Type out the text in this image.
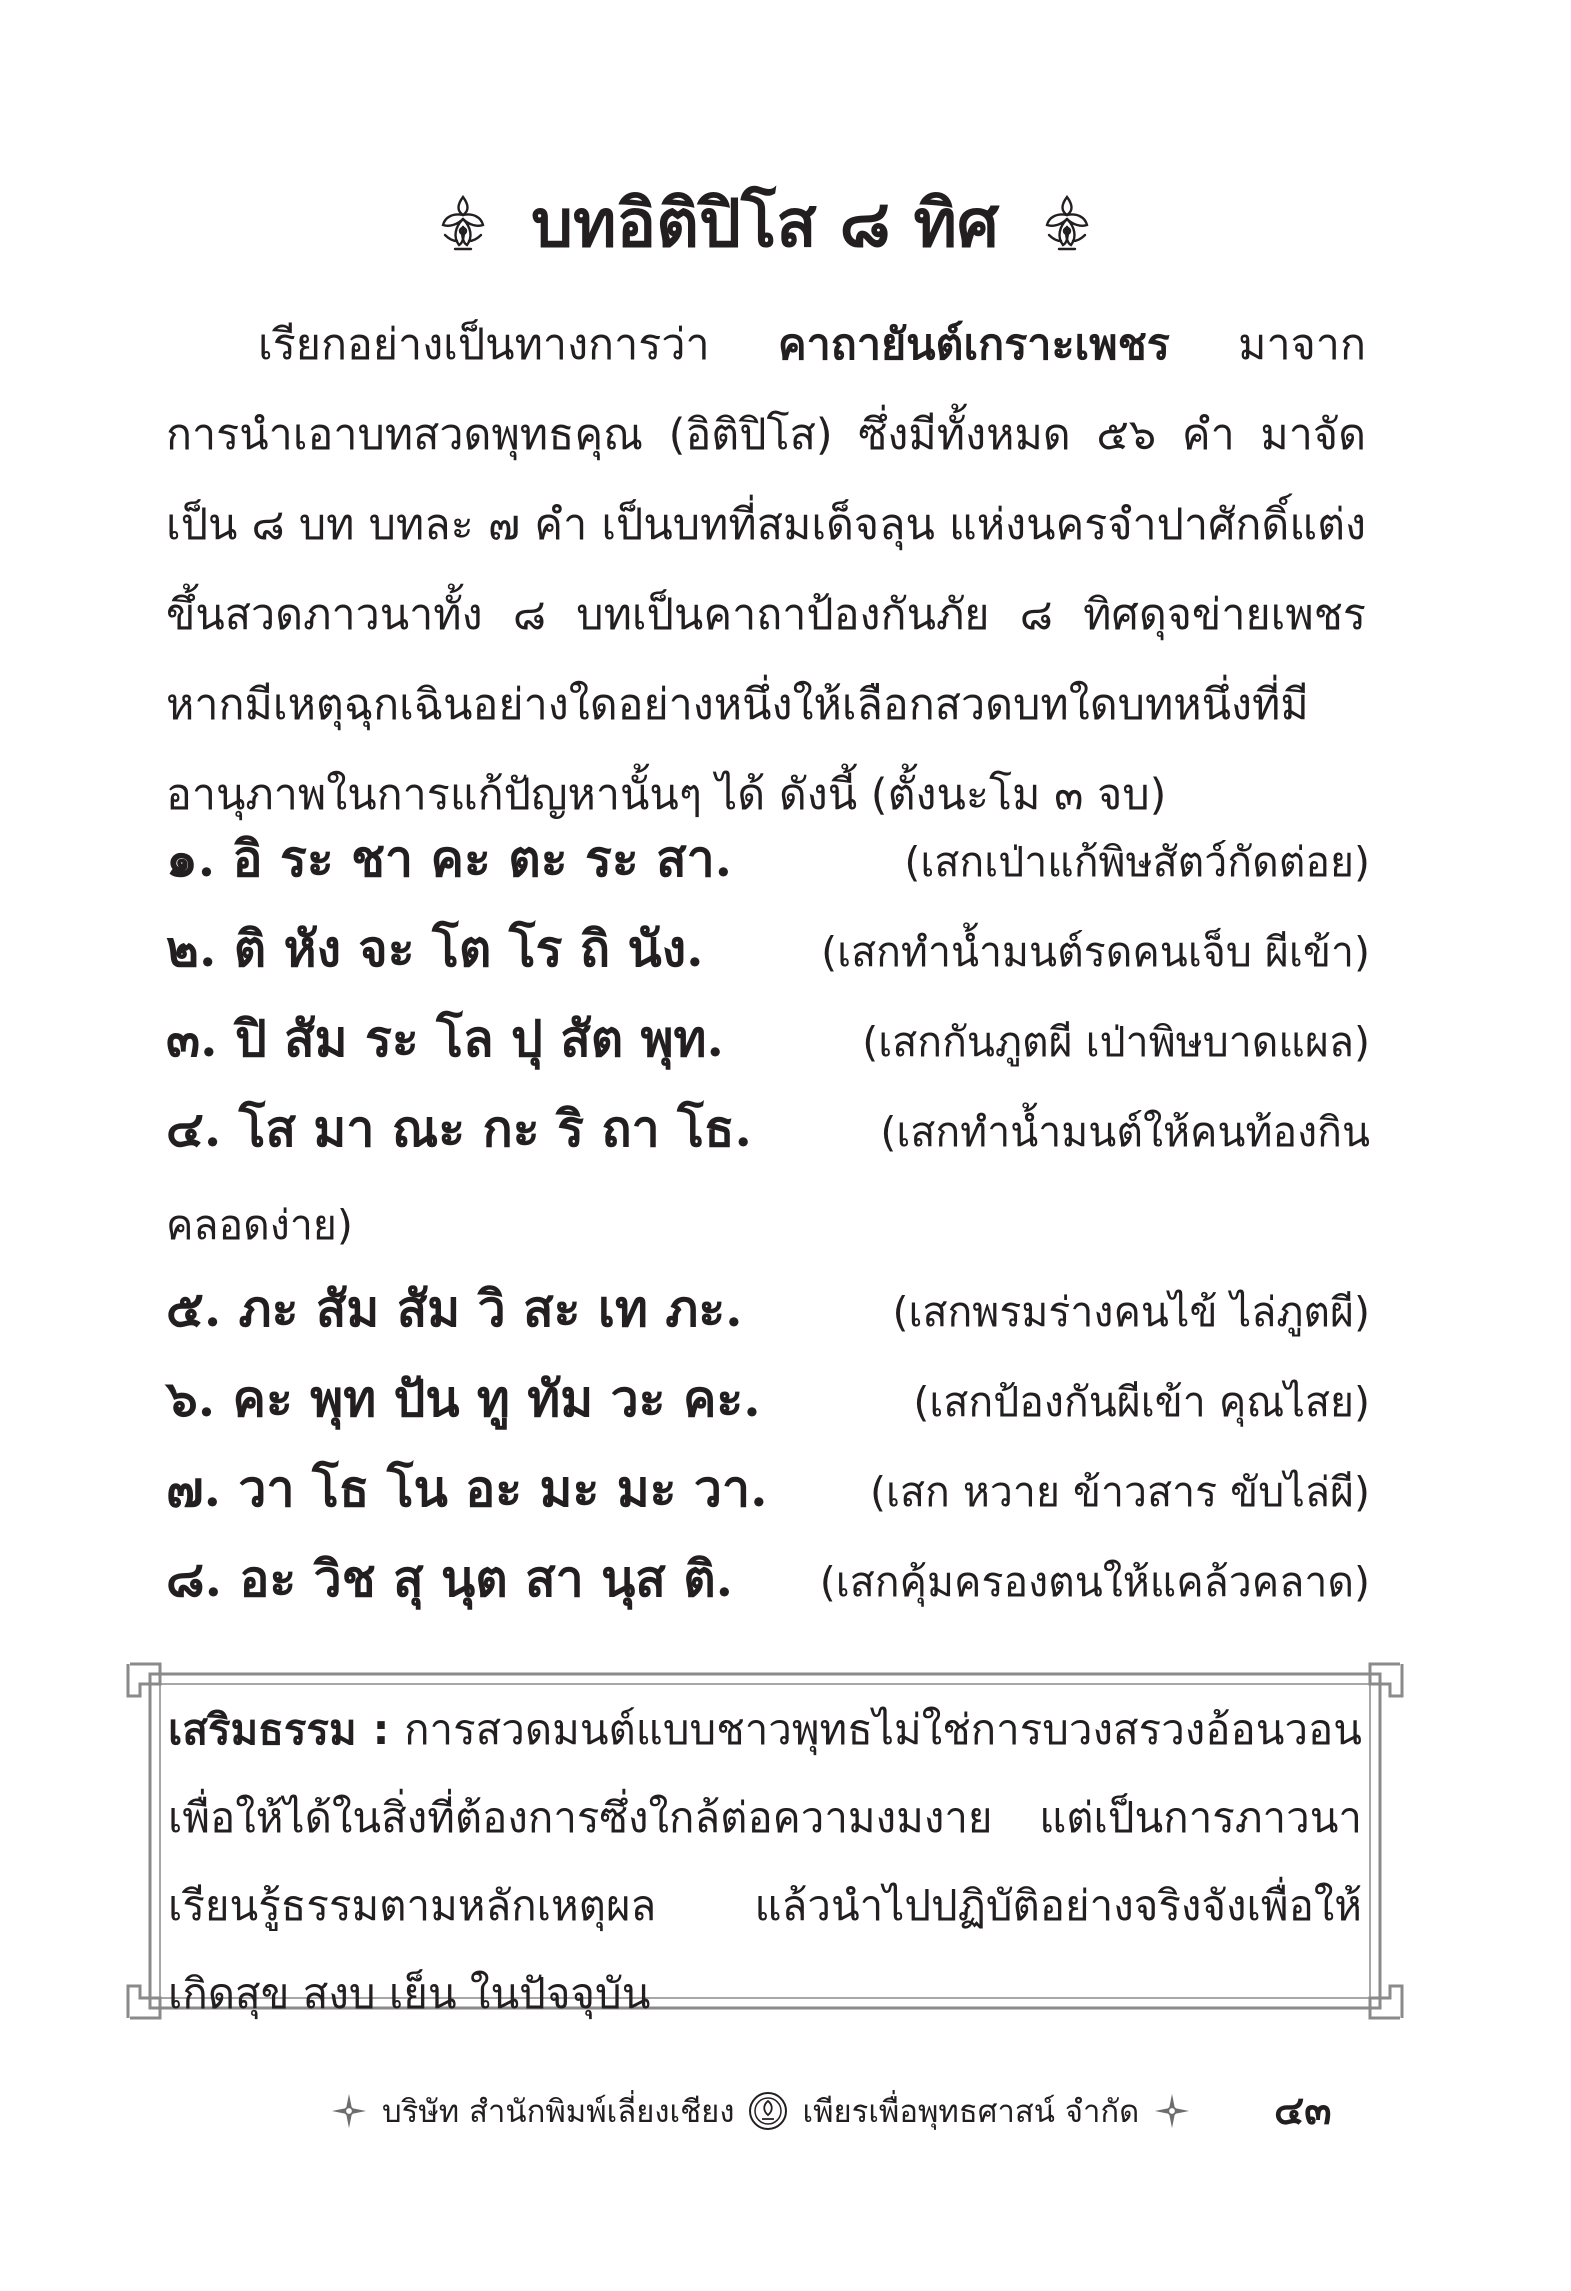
บทอิติปิโส ๘ ทิศ
เรียกอย่างเป็นทางการว่า คาถายันต์เกราะเพชร มาจากการนำเอาบทสวดพุทธคุณ (อิติปิโส) ซึ่งมีทั้งหมด ๕๖ คำ มาจัดเป็น ๘ บท บทละ ๗ คำ เป็นบทที่สมเด็จลุน แห่งนครจำปาศักดิ์แต่งขึ้นสวดภาวนาทั้ง ๘ บทเป็นคาถาป้องกันภัย ๘ ทิศดุจข่ายเพชร หากมีเหตุฉุกเฉินอย่างใดอย่างหนึ่งให้เลือกสวดบทใดบทหนึ่งที่มีอานุภาพในการแก้ปัญหานั้นๆ ได้ ดังนี้ (ตั้งนะโม ๓ จบ)
๑. อิ ระ ชา คะ ตะ ระ สา.	(เสกเป่าแก้พิษสัตว์กัดต่อย)
๒. ติ หัง จะ โต โร ถิ นัง.	(เสกทำน้ำมนต์รดคนเจ็บ ผีเข้า)
๓. ปิ สัม ระ โล ปุ สัต พุท.	(เสกกันภูตผี เป่าพิษบาดแผล)
๔. โส มา ณะ กะ ริ ถา โธ.	(เสกทำน้ำมนต์ให้คนท้องกิน
คลอดง่าย)
๕. ภะ สัม สัม วิ สะ เท ภะ.	(เสกพรมร่างคนไข้ ไล่ภูตผี)
๖. คะ พุท ปัน ทู ทัม วะ คะ.	(เสกป้องกันผีเข้า คุณไสย)
๗. วา โธ โน อะ มะ มะ วา. (เสก หวาย ข้าวสาร ขับไล่ผี)
๘. อะ วิช สุ นุต สา นุส ติ. (เสกคุ้มครองตนให้แคล้วคลาด)
เสริมธรรม : การสวดมนต์แบบชาวพุทธไม่ใช่การบวงสรวงอ้อนวอน เพื่อให้ได้ในสิ่งที่ต้องการซึ่งใกล้ต่อความงมงาย แต่เป็นการภาวนา เรียนรู้ธรรมตามหลักเหตุผล แล้วนำไปปฏิบัติอย่างจริงจังเพื่อให้เกิดสุข สงบ เย็น ในปัจจุบัน
บริษัท สำนักพิมพ์เลี่ยงเชียง เพียรเพื่อพุทธศาสน์ จำกัด	๔๓
